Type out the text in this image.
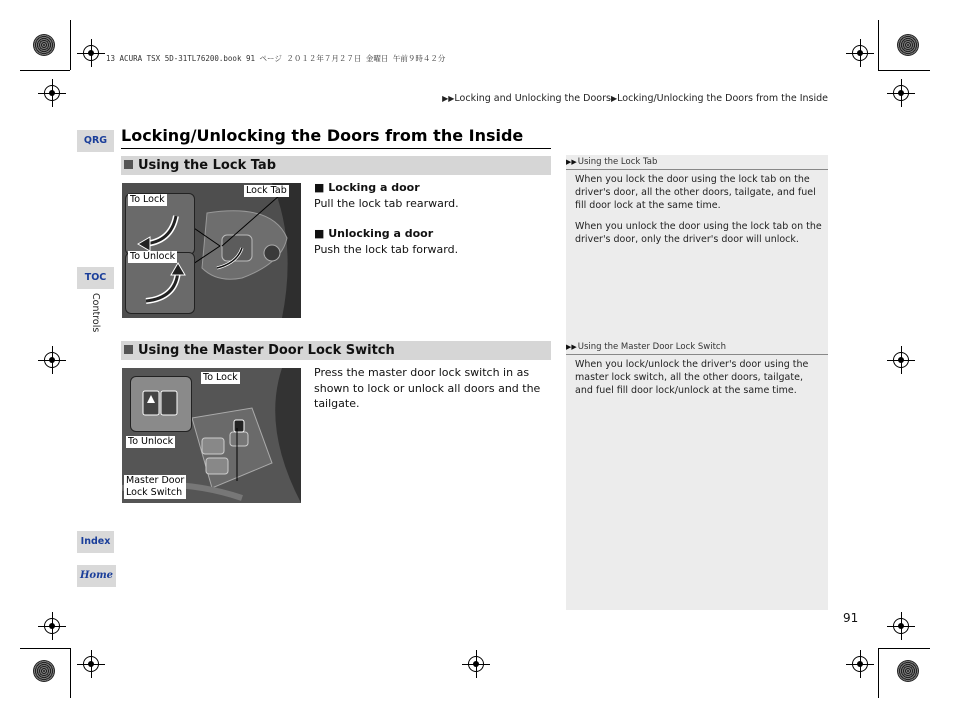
13 ACURA TSX 5D-31TL76200.book 91 ページ ２０１２年７月２７日 金曜日 午前９時４２分
▶▶Locking and Unlocking the Doors▶Locking/Unlocking the Doors from the Inside
Locking/Unlocking the Doors from the Inside
QRG
TOC
Controls
Index
Home
Using the Lock Tab
Lock Tab
To Lock
To Unlock
■ Locking a door
Pull the lock tab rearward.
■ Unlocking a door
Push the lock tab forward.
Using the Master Door Lock Switch
To Lock
To Unlock
Master Door
Lock Switch
Press the master door lock switch in as shown to lock or unlock all doors and the tailgate.
▶▶Using the Lock Tab
When you lock the door using the lock tab on the driver's door, all the other doors, tailgate, and fuel fill door lock at the same time.
When you unlock the door using the lock tab on the driver's door, only the driver's door will unlock.
▶▶Using the Master Door Lock Switch
When you lock/unlock the driver's door using the master lock switch, all the other doors, tailgate, and fuel fill door lock/unlock at the same time.
91
